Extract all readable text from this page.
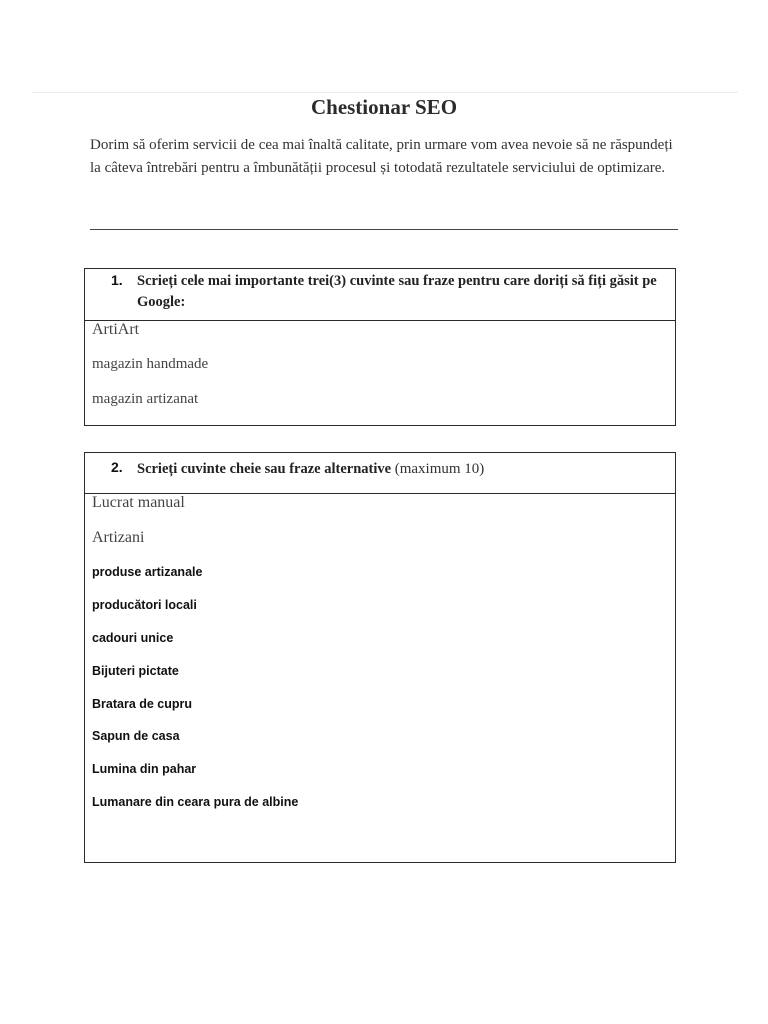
Chestionar SEO
Dorim să oferim servicii de cea mai înaltă calitate, prin urmare vom avea nevoie să ne răspundeți la câteva întrebări pentru a îmbunătății procesul și totodată rezultatele serviciului de optimizare.
1. Scrieți cele mai importante trei(3) cuvinte sau fraze pentru care doriți să fiți găsit pe Google:

ArtiArt

magazin handmade

magazin artizanat

2. Scrieți cuvinte cheie sau fraze alternative (maximum 10)

Lucrat manual

Artizani

produse artizanale

producători locali

cadouri unice

Bijuteri pictate

Bratara de cupru

Sapun de casa

Lumina din pahar

Lumanare din ceara pura de albine
